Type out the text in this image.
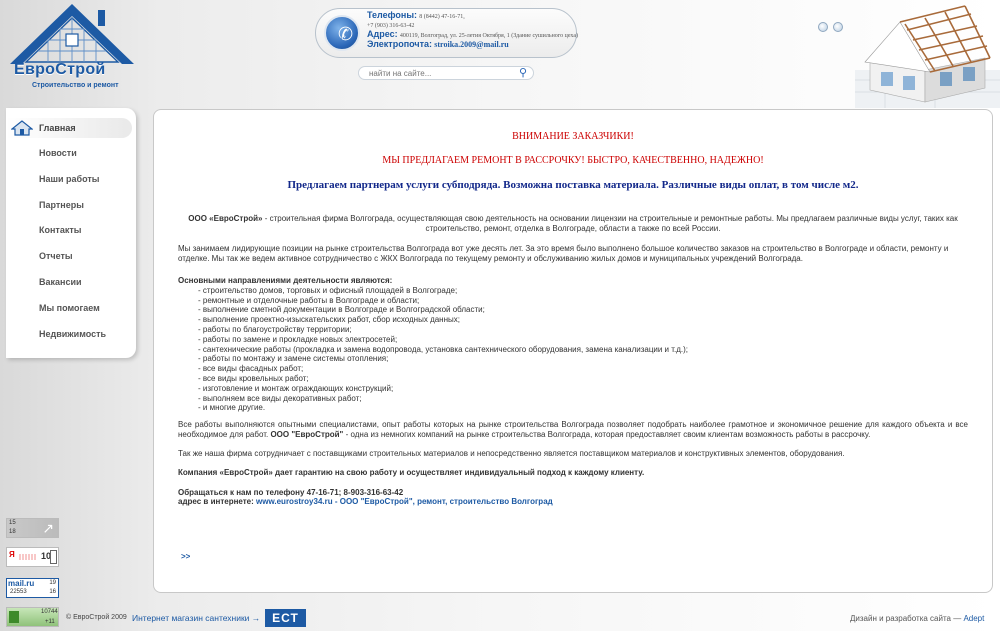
ЕвроСтрой
Строительство и ремонт
✆
Телефоны: 8 (8442) 47-16-71,
+7 (903) 316-63-42
Адрес: 400119, Волгоград, ул. 25-летия Октября, 1 (Здание сушильного цеха)
Электропочта: stroika.2009@mail.ru
найти на сайте...
⚲
Главная
Новости
Наши работы
Партнеры
Контакты
Отчеты
Вакансии
Мы помогаем
Недвижимость
15
18 ↗
Я	10
mail.ru	19
22553	16
10744
+11
ВНИМАНИЕ ЗАКАЗЧИКИ!
МЫ ПРЕДЛАГАЕМ РЕМОНТ В РАССРОЧКУ! БЫСТРО, КАЧЕСТВЕННО, НАДЕЖНО!
Предлагаем партнерам услуги субподряда. Возможна поставка материала. Различные виды оплат, в том числе м2.
ООО «ЕвроСтрой» - строительная фирма Волгограда, осуществляющая свою деятельность на основании лицензии на строительные и ремонтные работы. Мы предлагаем различные виды услуг, таких как строительство, ремонт, отделка в Волгограде, области а также по всей России.
Мы занимаем лидирующие позиции на рынке строительства Волгограда вот уже десять лет. За это время было выполнено большое количество заказов на строительство в Волгограде и области, ремонту и отделке. Мы так же ведем активное сотрудничество с ЖКХ Волгограда по текущему ремонту и обслуживанию жилых домов и муниципальных учреждений Волгограда.
Основными направлениями деятельности являются:
- строительство домов, торговых и офисный площадей в Волгограде;
- ремонтные и отделочные работы в Волгограде и области;
- выполнение сметной документации в Волгограде и Волгоградской области;
- выполнение проектно-изыскательских работ, сбор исходных данных;
- работы по благоустройству территории;
- работы по замене и прокладке новых электросетей;
- сантехнические работы (прокладка и замена водопровода, установка сантехнического оборудования, замена канализации и т.д.);
- работы по монтажу и замене системы отопления;
- все виды фасадных работ;
- все виды кровельных работ;
- изготовление и монтаж ограждающих конструкций;
- выполняем все виды декоративных работ;
- и многие другие.
Все работы выполняются опытными специалистами, опыт работы которых на рынке строительства Волгограда позволяет подобрать наиболее грамотное и экономичное решение для каждого объекта и все необходимое для работ. ООО "ЕвроСтрой" - одна из немногих компаний на рынке строительства Волгограда, которая предоставляет своим клиентам возможность работы в рассрочку.
Так же наша фирма сотрудничает с поставщиками строительных материалов и непосредственно является поставщиком материалов и конструктивных элементов, оборудования.
Компания «ЕвроСтрой» дает гарантию на свою работу и осуществляет индивидуальный подход к каждому клиенту.
Обращаться к нам по телефону 47-16-71; 8-903-316-63-42
адрес в интернете: www.eurostroy34.ru - ООО "ЕвроСтрой", ремонт, строительство Волгоград
>>
© ЕвроСтрой 2009 Интернет магазин сантехники → ЕСТ	Дизайн и разработка сайта — Adept
